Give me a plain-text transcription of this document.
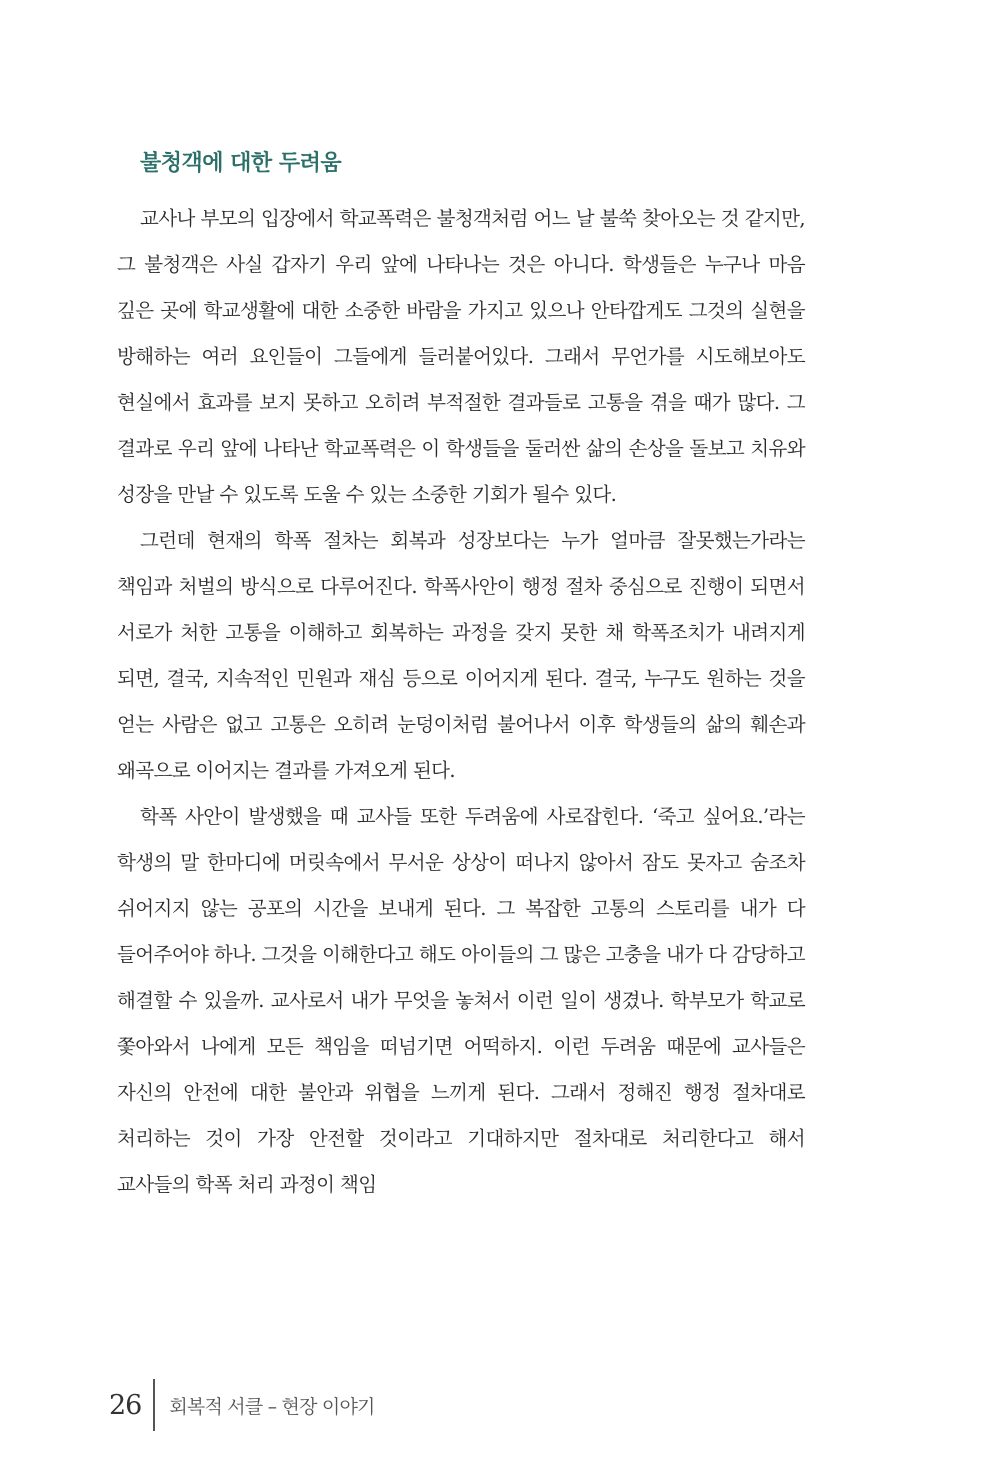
불청객에 대한 두려움

교사나 부모의 입장에서 학교폭력은 불청객처럼 어느 날 불쑥 찾아오는 것 같지만, 그 불청객은 사실 갑자기 우리 앞에 나타나는 것은 아니다. 학생들은 누구나 마음 깊은 곳에 학교생활에 대한 소중한 바람을 가지고 있으나 안타깝게도 그것의 실현을 방해하는 여러 요인들이 그들에게 들러붙어있다. 그래서 무언가를 시도해보아도 현실에서 효과를 보지 못하고 오히려 부적절한 결과들로 고통을 겪을 때가 많다. 그 결과로 우리 앞에 나타난 학교폭력은 이 학생들을 둘러싼 삶의 손상을 돌보고 치유와 성장을 만날 수 있도록 도울 수 있는 소중한 기회가 될수 있다.

그런데 현재의 학폭 절차는 회복과 성장보다는 누가 얼마큼 잘못했는가라는 책임과 처벌의 방식으로 다루어진다. 학폭사안이 행정 절차 중심으로 진행이 되면서 서로가 처한 고통을 이해하고 회복하는 과정을 갖지 못한 채 학폭조치가 내려지게 되면, 결국, 지속적인 민원과 재심 등으로 이어지게 된다. 결국, 누구도 원하는 것을 얻는 사람은 없고 고통은 오히려 눈덩이처럼 불어나서 이후 학생들의 삶의 훼손과 왜곡으로 이어지는 결과를 가져오게 된다.

학폭 사안이 발생했을 때 교사들 또한 두려움에 사로잡힌다. ‘죽고 싶어요.’라는 학생의 말 한마디에 머릿속에서 무서운 상상이 떠나지 않아서 잠도 못자고 숨조차 쉬어지지 않는 공포의 시간을 보내게 된다. 그 복잡한 고통의 스토리를 내가 다 들어주어야 하나. 그것을 이해한다고 해도 아이들의 그 많은 고충을 내가 다 감당하고 해결할 수 있을까. 교사로서 내가 무엇을 놓쳐서 이런 일이 생겼나. 학부모가 학교로 쫓아와서 나에게 모든 책임을 떠넘기면 어떡하지. 이런 두려움 때문에 교사들은 자신의 안전에 대한 불안과 위협을 느끼게 된다. 그래서 정해진 행정 절차대로 처리하는 것이 가장 안전할 것이라고 기대하지만 절차대로 처리한다고 해서 교사들의 학폭 처리 과정이 책임

26 회복적 서클 – 현장 이야기
